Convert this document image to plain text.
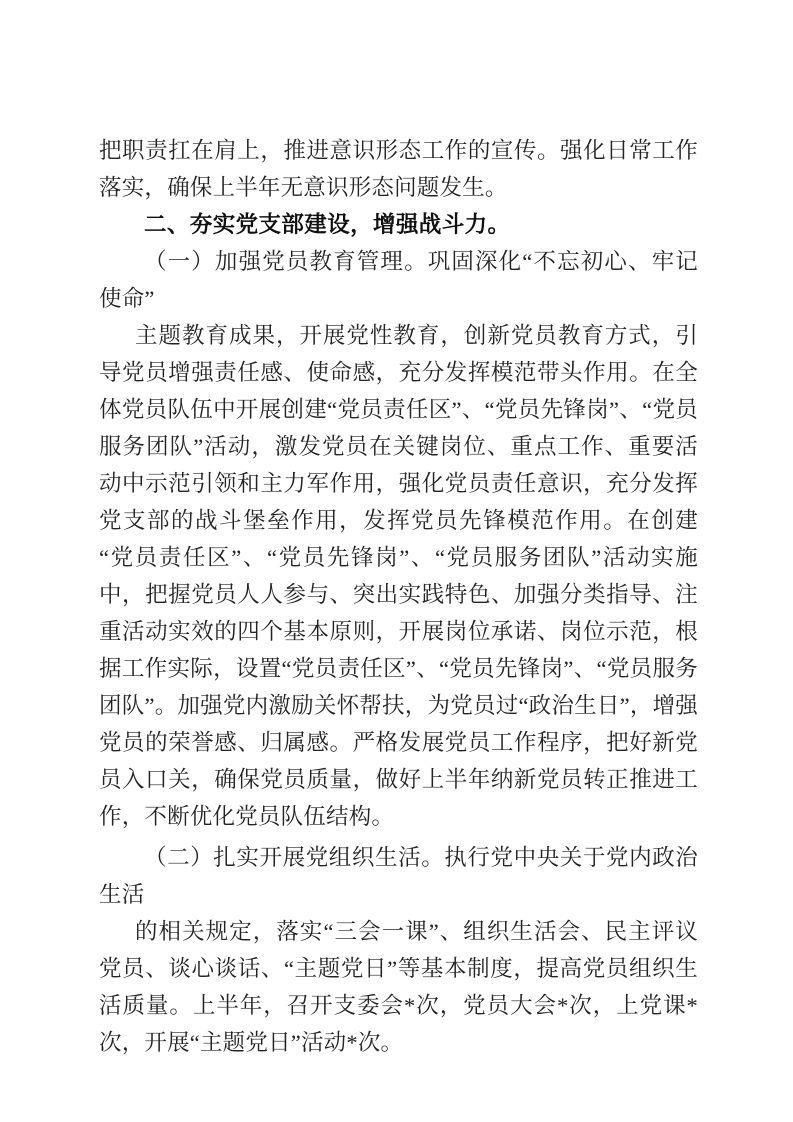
把职责扛在肩上，推进意识形态工作的宣传。强化日常工作落实，确保上半年无意识形态问题发生。

二、夯实党支部建设，增强战斗力。

（一）加强党员教育管理。巩固深化“不忘初心、牢记使命”

主题教育成果，开展党性教育，创新党员教育方式，引导党员增强责任感、使命感，充分发挥模范带头作用。在全体党员队伍中开展创建“党员责任区”、“党员先锋岗”、“党员服务团队”活动，激发党员在关键岗位、重点工作、重要活动中示范引领和主力军作用，强化党员责任意识，充分发挥党支部的战斗堡垒作用，发挥党员先锋模范作用。在创建“党员责任区”、“党员先锋岗”、“党员服务团队”活动实施中，把握党员人人参与、突出实践特色、加强分类指导、注重活动实效的四个基本原则，开展岗位承诺、岗位示范，根据工作实际，设置“党员责任区”、“党员先锋岗”、“党员服务团队”。加强党内激励关怀帮扶，为党员过“政治生日”，增强党员的荣誉感、归属感。严格发展党员工作程序，把好新党员入口关，确保党员质量，做好上半年纳新党员转正推进工作，不断优化党员队伍结构。

（二）扎实开展党组织生活。执行党中央关于党内政治生活

的相关规定，落实“三会一课”、组织生活会、民主评议党员、谈心谈话、“主题党日”等基本制度，提高党员组织生活质量。上半年，召开支委会*次，党员大会*次，上党课*次，开展“主题党日”活动*次。
